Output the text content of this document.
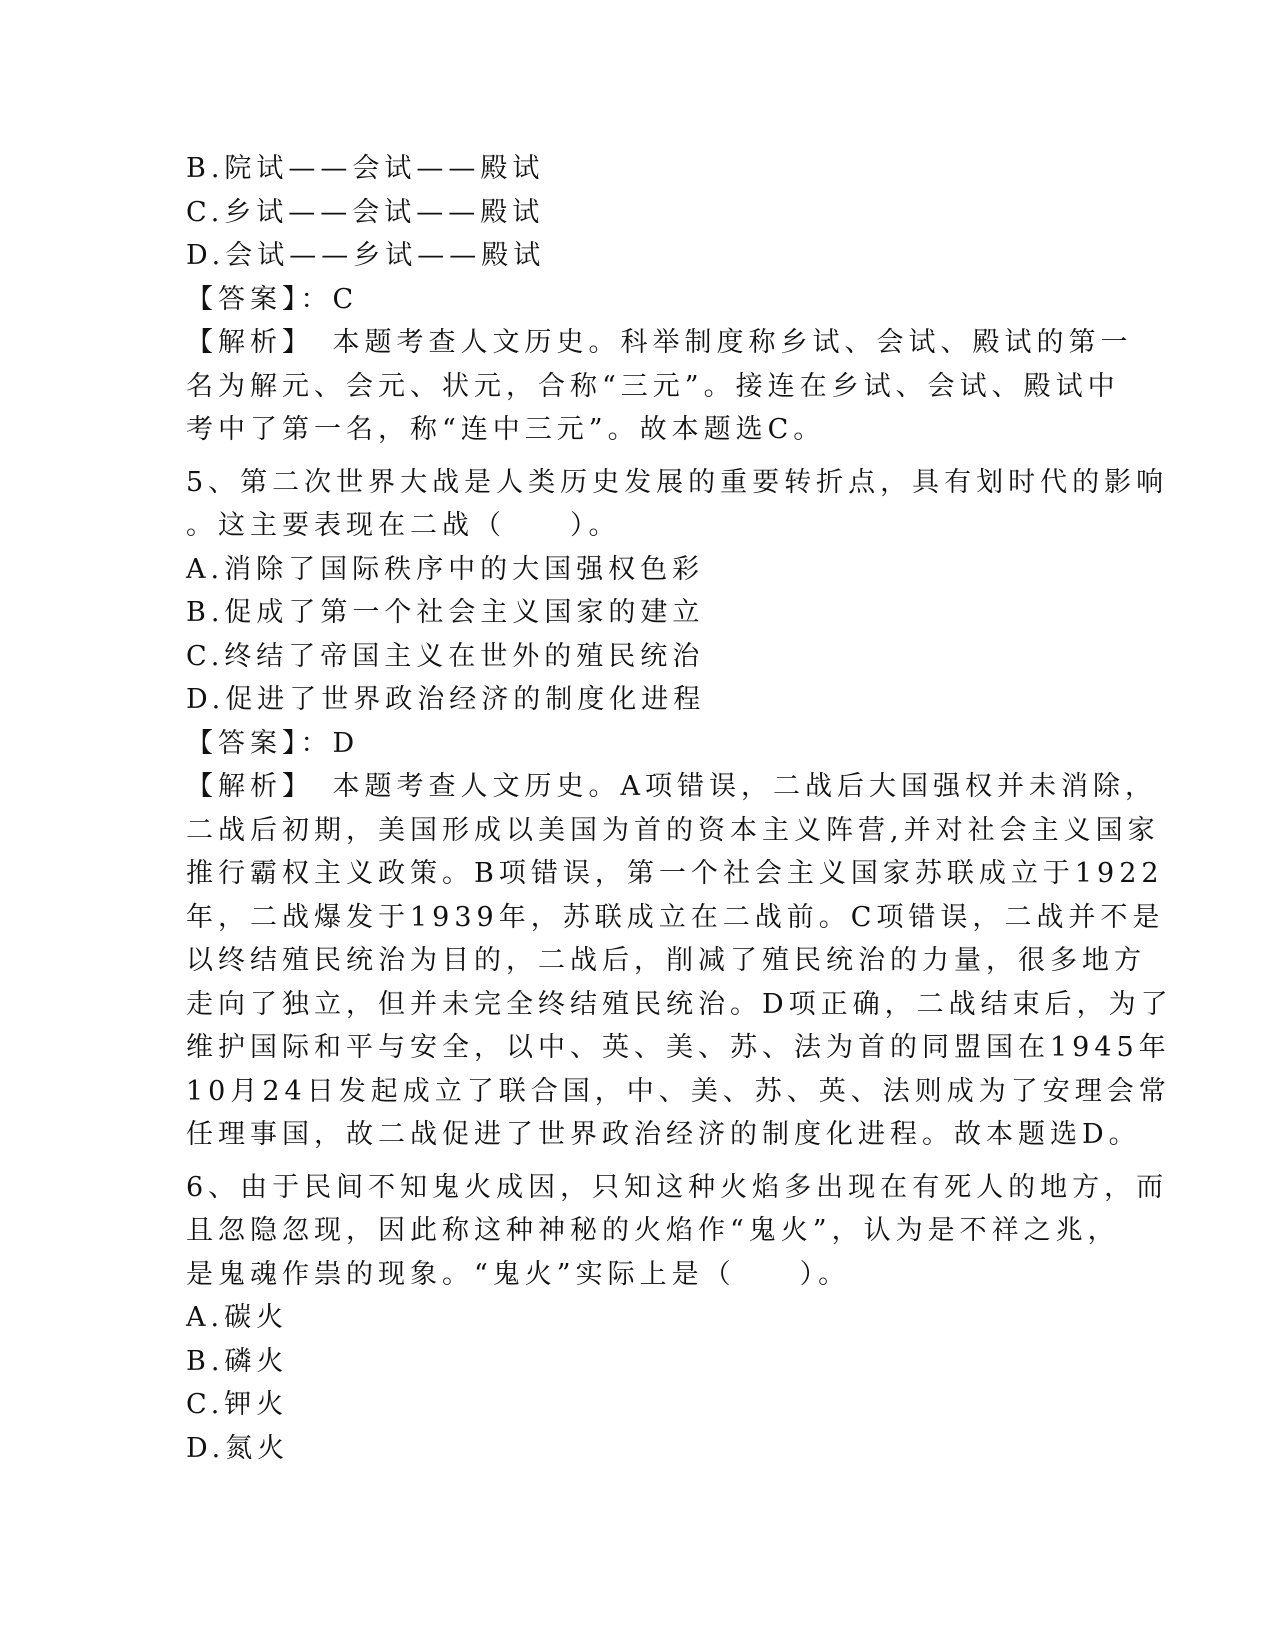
B.院试——会试——殿试
C.乡试——会试——殿试
D.会试——乡试——殿试
【答案】：C
【解析】　本题考查人文历史。科举制度称乡试、会试、殿试的第一
名为解元、会元、状元，合称“三元”。接连在乡试、会试、殿试中
考中了第一名，称“连中三元”。故本题选C。
5、第二次世界大战是人类历史发展的重要转折点，具有划时代的影响
。这主要表现在二战（　　）。
A.消除了国际秩序中的大国强权色彩
B.促成了第一个社会主义国家的建立
C.终结了帝国主义在世外的殖民统治
D.促进了世界政治经济的制度化进程
【答案】：D
【解析】　本题考查人文历史。A项错误，二战后大国强权并未消除，
二战后初期，美国形成以美国为首的资本主义阵营,并对社会主义国家
推行霸权主义政策。B项错误，第一个社会主义国家苏联成立于1922
年，二战爆发于1939年，苏联成立在二战前。C项错误，二战并不是
以终结殖民统治为目的，二战后，削减了殖民统治的力量，很多地方
走向了独立，但并未完全终结殖民统治。D项正确，二战结束后，为了
维护国际和平与安全，以中、英、美、苏、法为首的同盟国在1945年
10月24日发起成立了联合国，中、美、苏、英、法则成为了安理会常
任理事国，故二战促进了世界政治经济的制度化进程。故本题选D。
6、由于民间不知鬼火成因，只知这种火焰多出现在有死人的地方，而
且忽隐忽现，因此称这种神秘的火焰作“鬼火”，认为是不祥之兆，
是鬼魂作祟的现象。“鬼火”实际上是（　　）。
A.碳火
B.磷火
C.钾火
D.氮火
